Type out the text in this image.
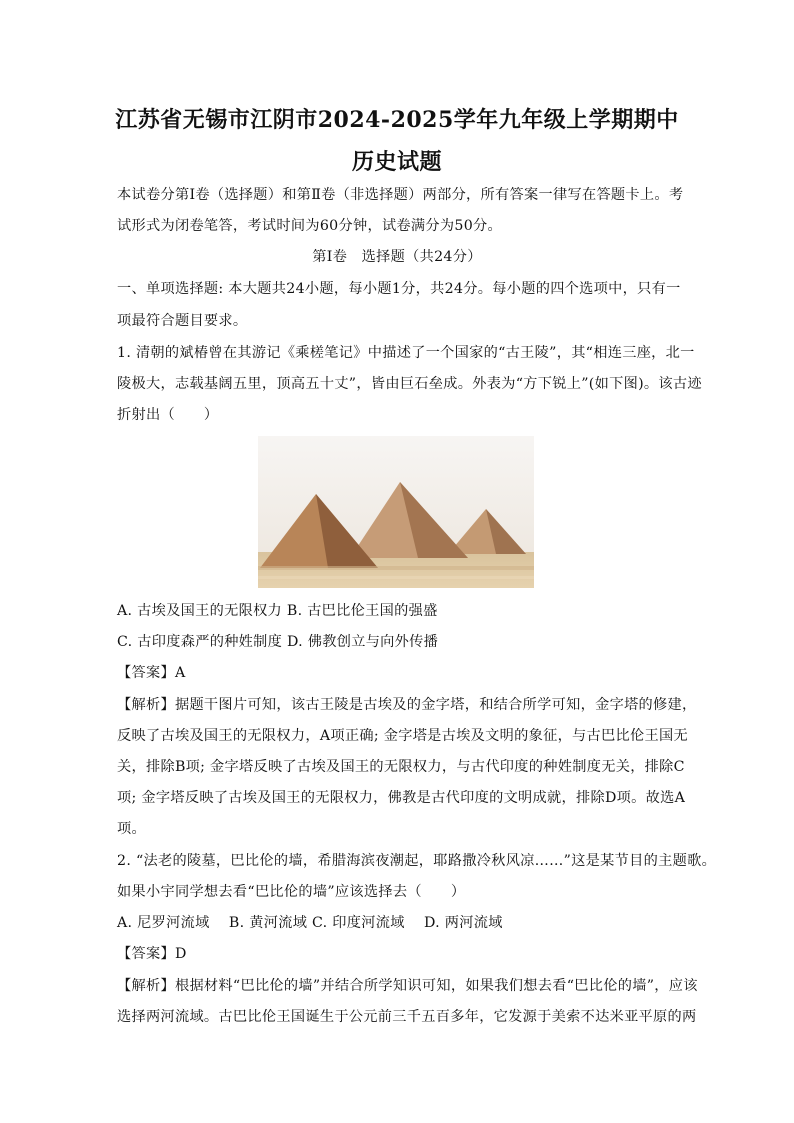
江苏省无锡市江阴市2024-2025学年九年级上学期期中
历史试题
本试卷分第Ⅰ卷（选择题）和第Ⅱ卷（非选择题）两部分，所有答案一律写在答题卡上。考
试形式为闭卷笔答，考试时间为60分钟，试卷满分为50分。
第Ⅰ卷　选择题（共24分）
一、单项选择题: 本大题共24小题，每小题1分，共24分。每小题的四个选项中，只有一
项最符合题目要求。
1. 清朝的斌椿曾在其游记《乘槎笔记》中描述了一个国家的“古王陵”，其“相连三座，北一
陵极大，志载基阔五里，顶高五十丈”，皆由巨石垒成。外表为“方下锐上”(如下图)。该古迹
折射出（　　）
A. 古埃及国王的无限权力 B. 古巴比伦王国的强盛
C. 古印度森严的种姓制度 D. 佛教创立与向外传播
【答案】A
【解析】据题干图片可知，该古王陵是古埃及的金字塔，和结合所学可知，金字塔的修建，
反映了古埃及国王的无限权力，A项正确; 金字塔是古埃及文明的象征，与古巴比伦王国无
关，排除B项; 金字塔反映了古埃及国王的无限权力，与古代印度的种姓制度无关，排除C
项; 金字塔反映了古埃及国王的无限权力，佛教是古代印度的文明成就，排除D项。故选A
项。
2. “法老的陵墓，巴比伦的墙，希腊海滨夜潮起，耶路撒冷秋风凉……”这是某节目的主题歌。
如果小宇同学想去看“巴比伦的墙”应该选择去（　　）
A. 尼罗河流域　 B. 黄河流域 C. 印度河流域　 D. 两河流域
【答案】D
【解析】根据材料“巴比伦的墙”并结合所学知识可知，如果我们想去看“巴比伦的墙”，应该
选择两河流域。古巴比伦王国诞生于公元前三千五百多年，它发源于美索不达米亚平原的两
